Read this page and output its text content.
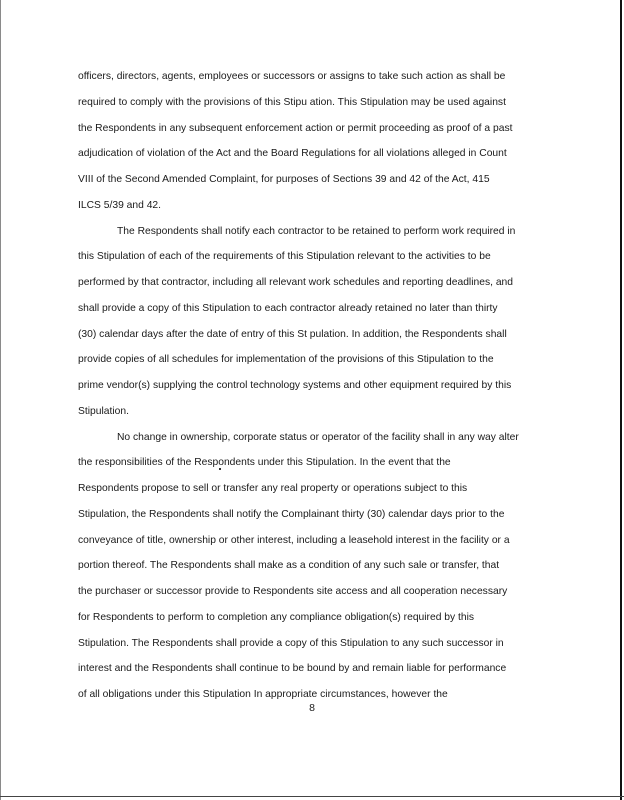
officers, directors, agents, employees or successors or assigns to take such action as shall be
required to comply with the provisions of this Stipu ation. This Stipulation may be used against
the Respondents in any subsequent enforcement action or permit proceeding as proof of a past
adjudication of violation of the Act and the Board Regulations for all violations alleged in Count
VIII of the Second Amended Complaint, for purposes of Sections 39 and 42 of the Act, 415
ILCS 5/39 and 42.
The Respondents shall notify each contractor to be retained to perform work required in
this Stipulation of each of the requirements of this Stipulation relevant to the activities to be
performed by that contractor, including all relevant work schedules and reporting deadlines, and
shall provide a copy of this Stipulation to each contractor already retained no later than thirty
(30) calendar days after the date of entry of this St pulation. In addition, the Respondents shall
provide copies of all schedules for implementation of the provisions of this Stipulation to the
prime vendor(s) supplying the control technology systems and other equipment required by this
Stipulation.
No change in ownership, corporate status or operator of the facility shall in any way alter
the responsibilities of the Respondents under this Stipulation. In the event that the
Respondents propose to sell or transfer any real property or operations subject to this
Stipulation, the Respondents shall notify the Complainant thirty (30) calendar days prior to the
conveyance of title, ownership or other interest, including a leasehold interest in the facility or a
portion thereof. The Respondents shall make as a condition of any such sale or transfer, that
the purchaser or successor provide to Respondents site access and all cooperation necessary
for Respondents to perform to completion any compliance obligation(s) required by this
Stipulation. The Respondents shall provide a copy of this Stipulation to any such successor in
interest and the Respondents shall continue to be bound by and remain liable for performance
of all obligations under this Stipulation In appropriate circumstances, however the
8
